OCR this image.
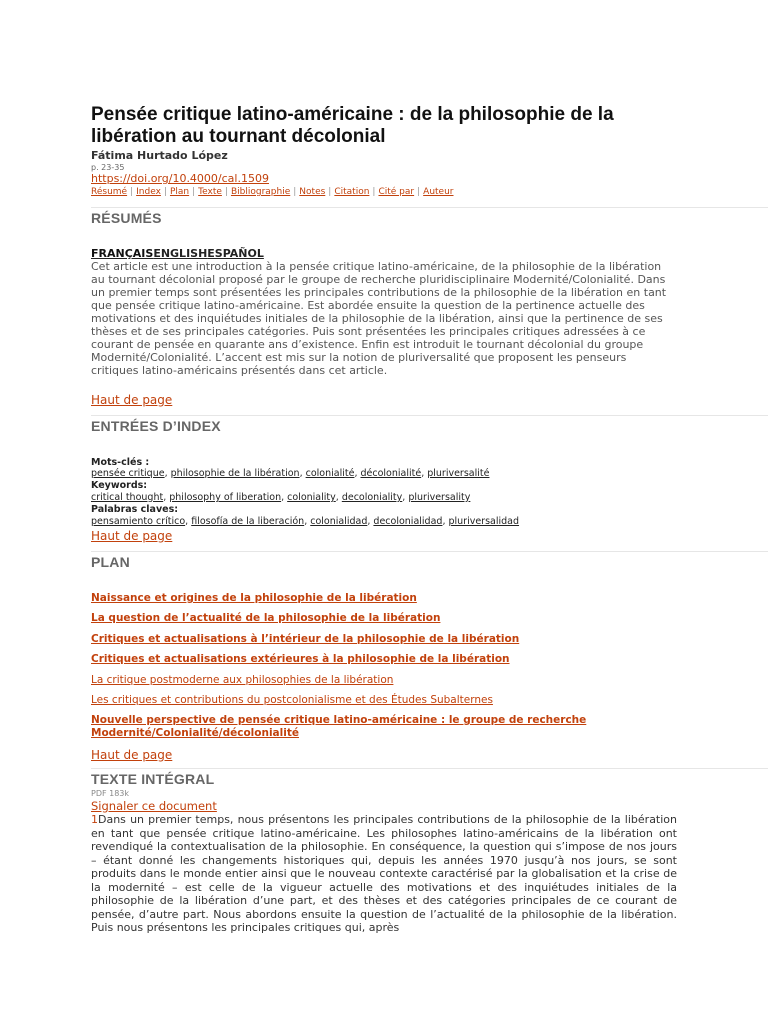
Pensée critique latino-américaine : de la philosophie de la libération au tournant décolonial
Fátima Hurtado López
p. 23-35
https://doi.org/10.4000/cal.1509
Résumé | Index | Plan | Texte | Bibliographie | Notes | Citation | Cité par | Auteur
RÉSUMÉS
FRANÇAISENGLISHESPAÑOL

Cet article est une introduction à la pensée critique latino-américaine, de la philosophie de la libération au tournant décolonial proposé par le groupe de recherche pluridisciplinaire Modernité/Colonialité. Dans un premier temps sont présentées les principales contributions de la philosophie de la libération en tant que pensée critique latino-américaine. Est abordée ensuite la question de la pertinence actuelle des motivations et des inquiétudes initiales de la philosophie de la libération, ainsi que la pertinence de ses thèses et de ses principales catégories. Puis sont présentées les principales critiques adressées à ce courant de pensée en quarante ans d’existence. Enfin est introduit le tournant décolonial du groupe Modernité/Colonialité. L’accent est mis sur la notion de pluriversalité que proposent les penseurs critiques latino-américains présentés dans cet article.

Haut de page
ENTRÉES D’INDEX
Mots-clés :
pensée critique, philosophie de la libération, colonialité, décolonialité, pluriversalité
Keywords:
critical thought, philosophy of liberation, coloniality, decoloniality, pluriversality
Palabras claves:
pensamiento crítico, filosofía de la liberación, colonialidad, decolonialidad, pluriversalidad
Haut de page
PLAN
Naissance et origines de la philosophie de la libération
La question de l’actualité de la philosophie de la libération
Critiques et actualisations à l’intérieur de la philosophie de la libération
Critiques et actualisations extérieures à la philosophie de la libération
La critique postmoderne aux philosophies de la libération
Les critiques et contributions du postcolonialisme et des Études Subalternes
Nouvelle perspective de pensée critique latino-américaine : le groupe de recherche Modernité/Colonialité/décolonialité
Haut de page
TEXTE INTÉGRAL
PDF 183k
Signaler ce document

1Dans un premier temps, nous présentons les principales contributions de la philosophie de la libération en tant que pensée critique latino-américaine. Les philosophes latino-américains de la libération ont revendiqué la contextualisation de la philosophie. En conséquence, la question qui s’impose de nos jours – étant donné les changements historiques qui, depuis les années 1970 jusqu’à nos jours, se sont produits dans le monde entier ainsi que le nouveau contexte caractérisé par la globalisation et la crise de la modernité – est celle de la vigueur actuelle des motivations et des inquiétudes initiales de la philosophie de la libération d’une part, et des thèses et des catégories principales de ce courant de pensée, d’autre part. Nous abordons ensuite la question de l’actualité de la philosophie de la libération. Puis nous présentons les principales critiques qui, après
